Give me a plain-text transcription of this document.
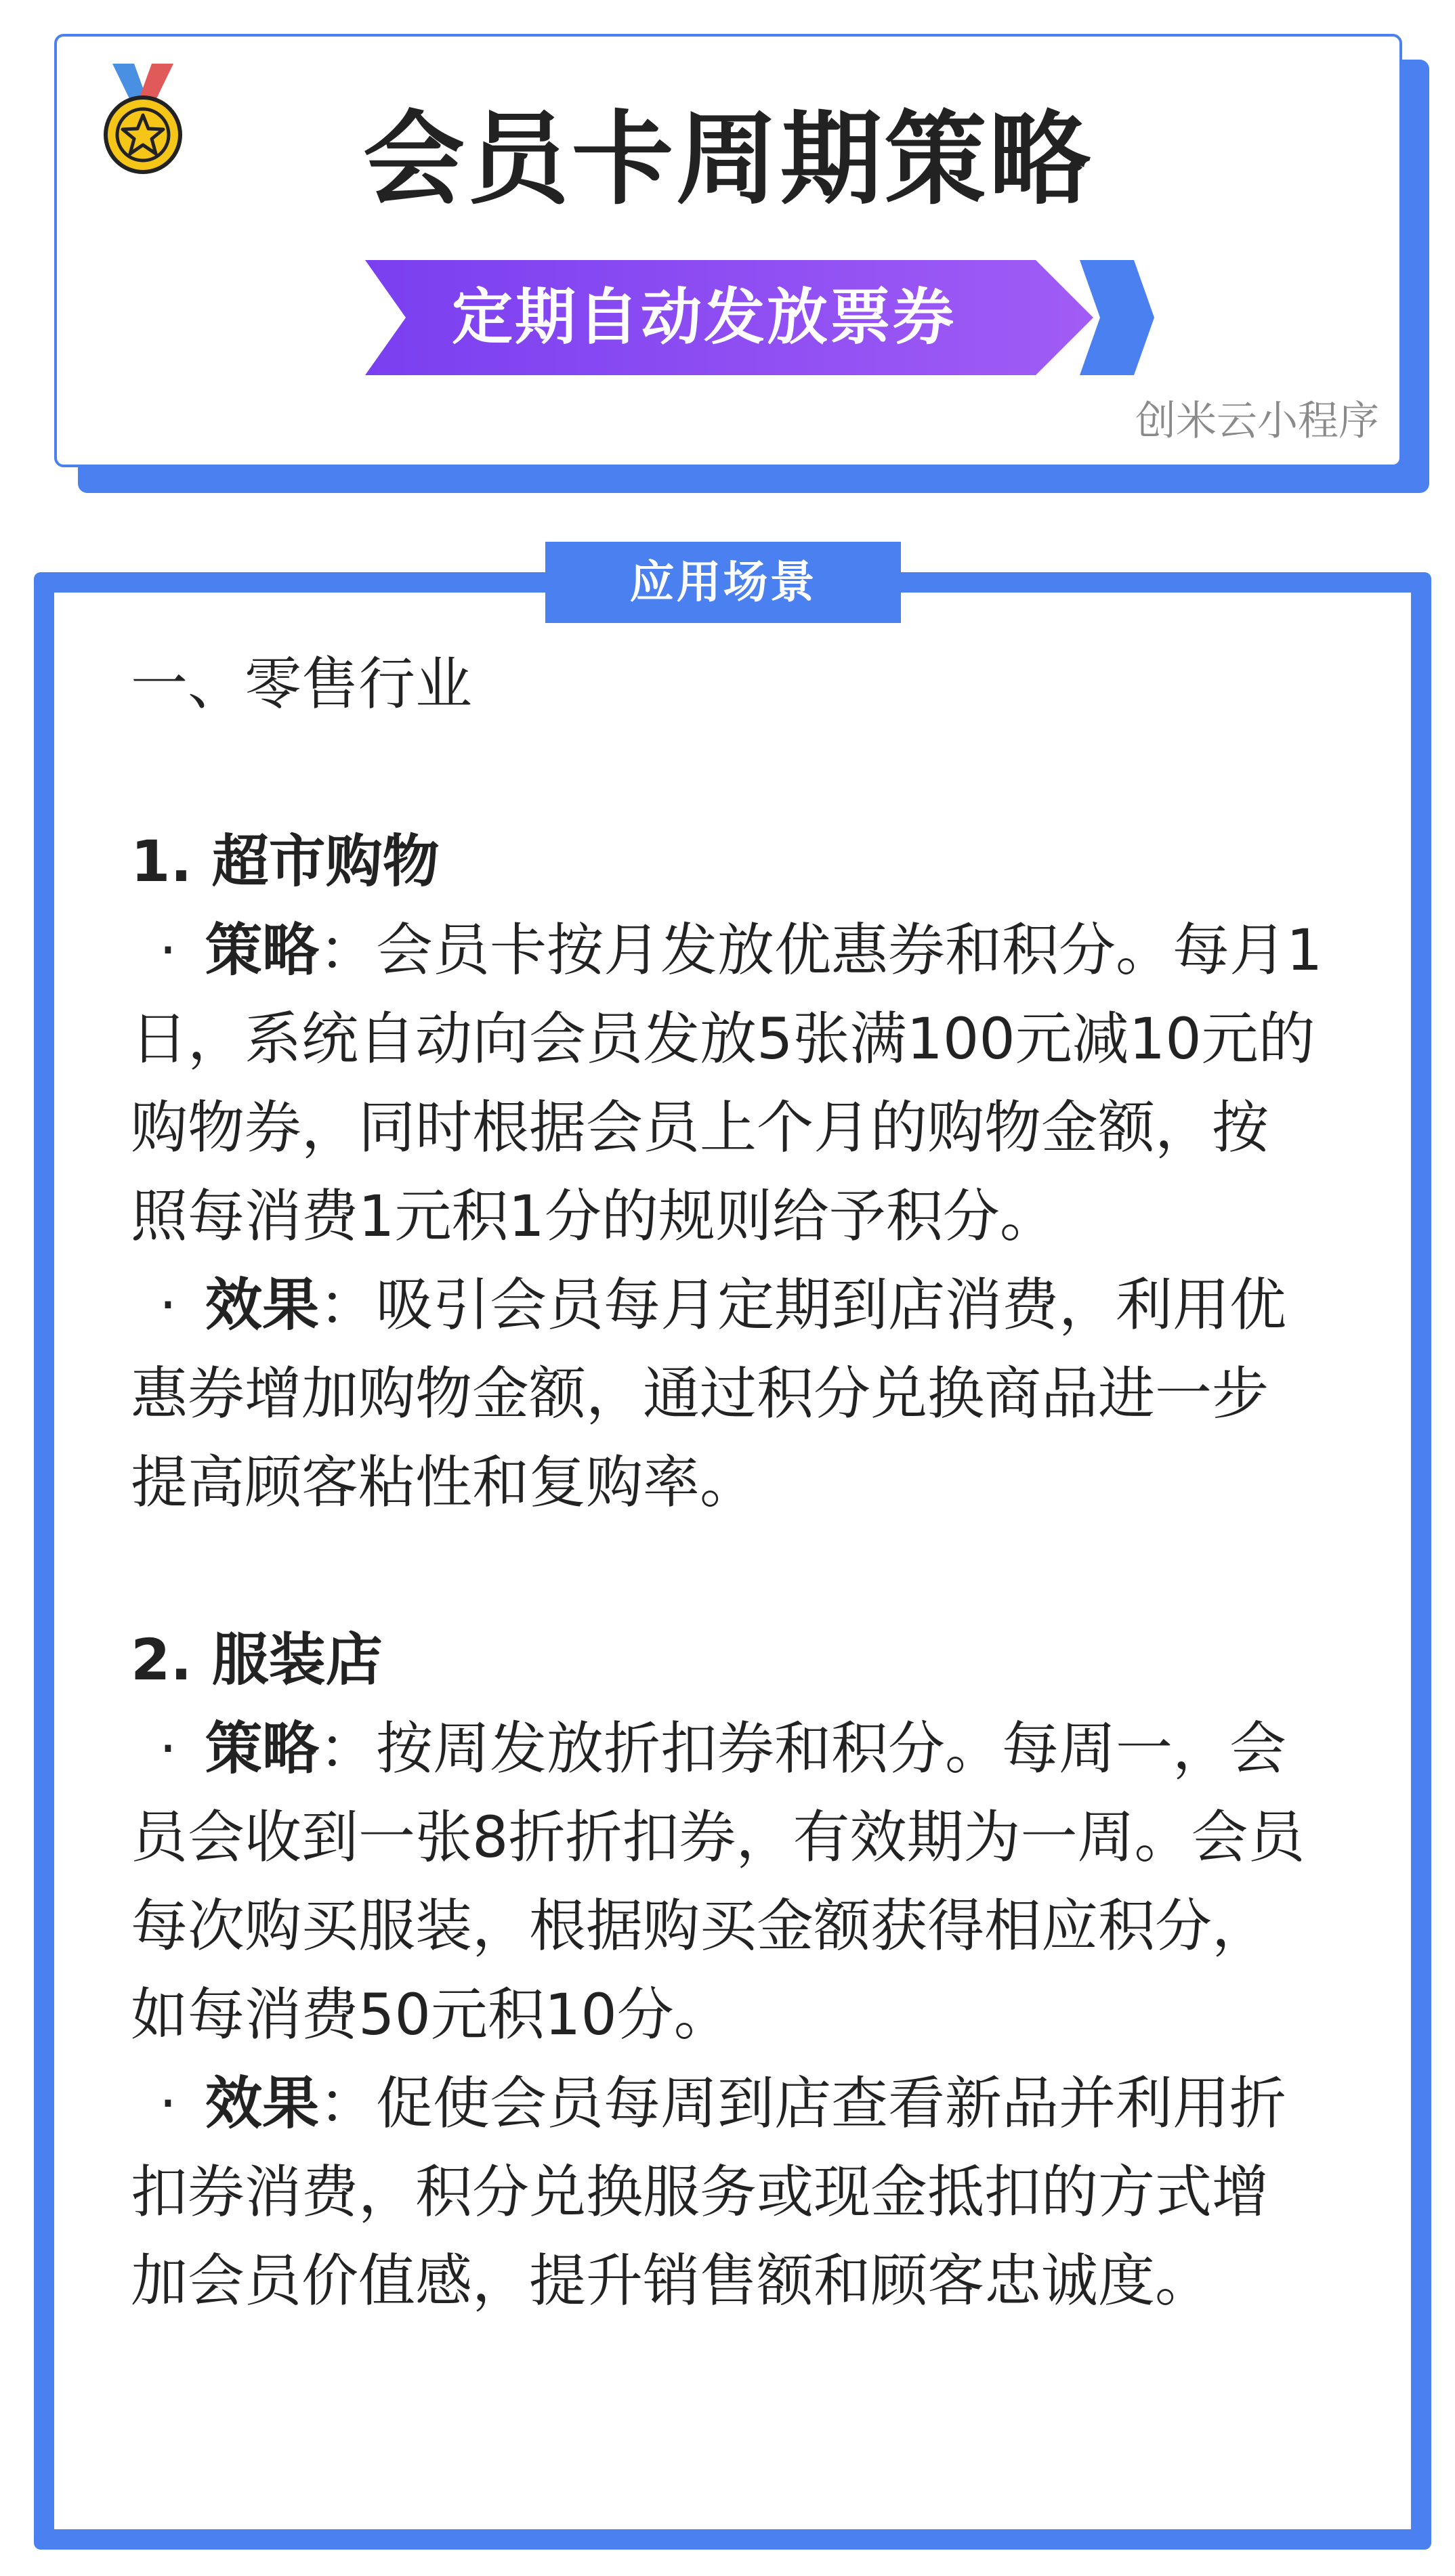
会员卡周期策略
定期自动发放票券
创米云小程序
应用场景

一、零售行业

1. 超市购物

· 策略：会员卡按月发放优惠券和积分。每月1日，系统自动向会员发放5张满100元减10元的购物券，同时根据会员上个月的购物金额，按照每消费1元积1分的规则给予积分。

· 效果：吸引会员每月定期到店消费，利用优惠券增加购物金额，通过积分兑换商品进一步提高顾客粘性和复购率。

2. 服装店

· 策略：按周发放折扣券和积分。每周一，会员会收到一张8折折扣券，有效期为一周。会员每次购买服装，根据购买金额获得相应积分，如每消费50元积10分。

· 效果：促使会员每周到店查看新品并利用折扣券消费，积分兑换服务或现金抵扣的方式增加会员价值感，提升销售额和顾客忠诚度。
